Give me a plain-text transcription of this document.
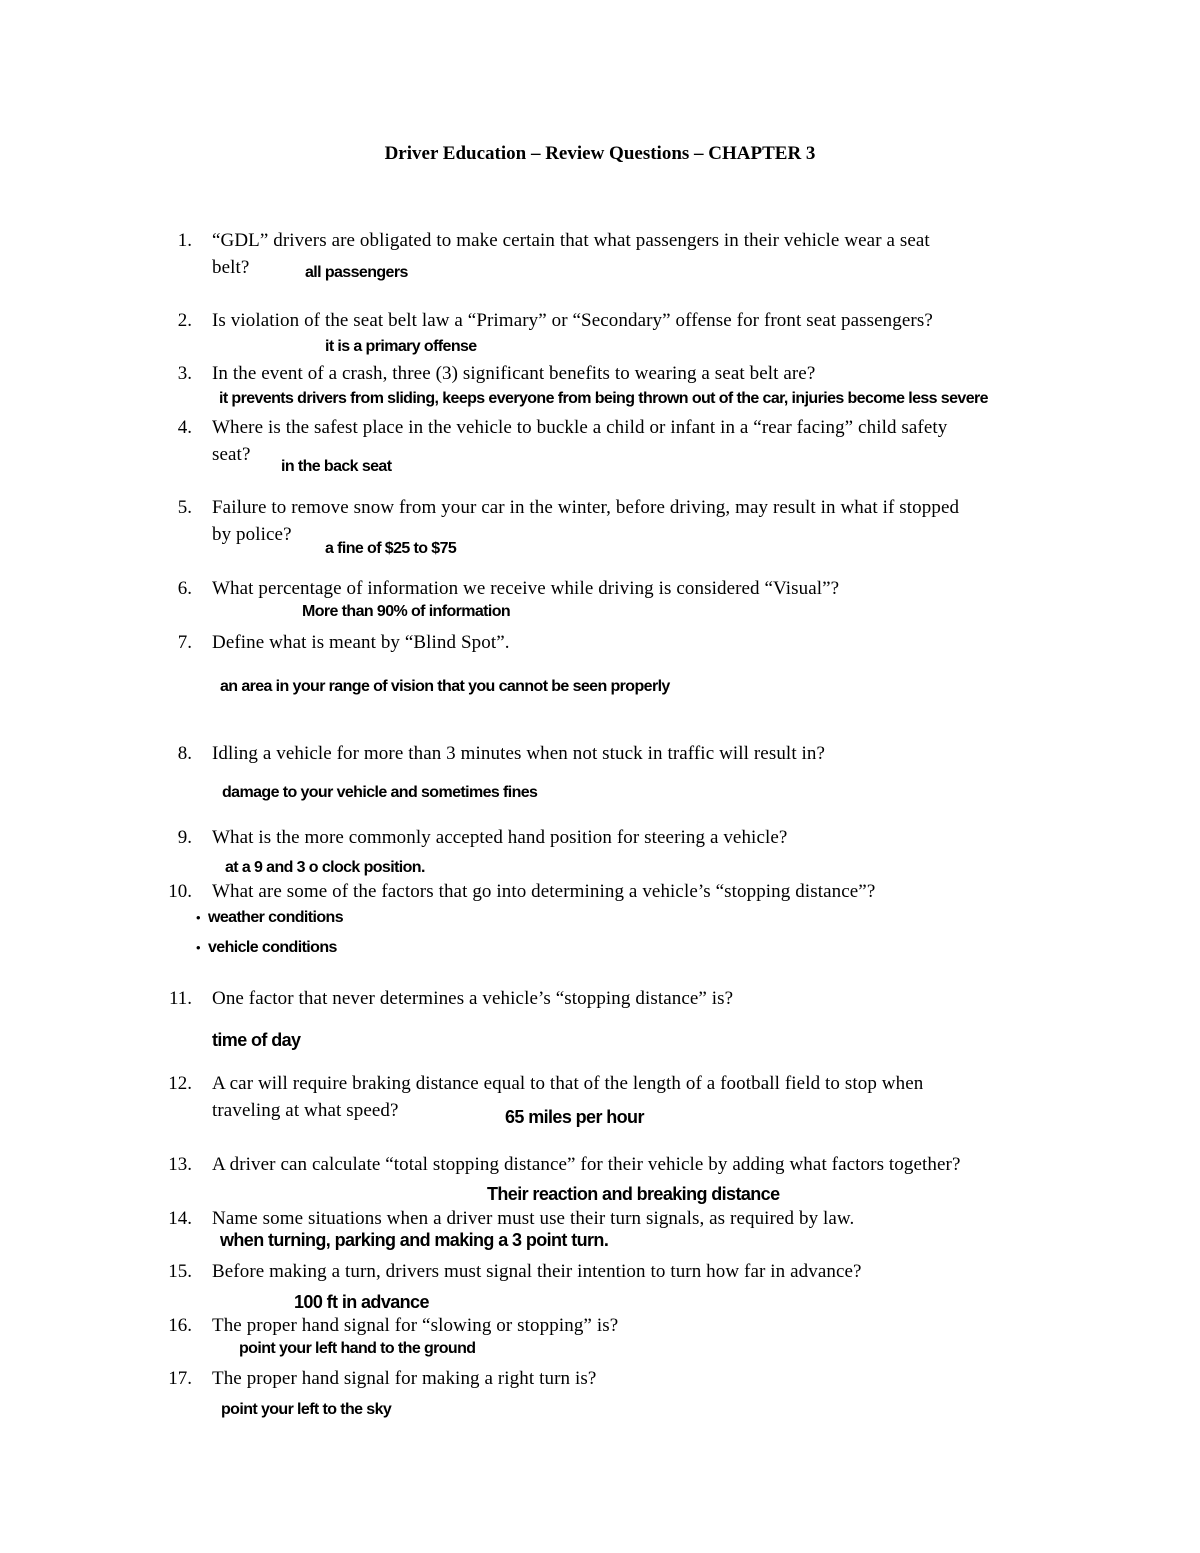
Driver Education – Review Questions – CHAPTER 3
1. “GDL” drivers are obligated to make certain that what passengers in their vehicle wear a seat
belt?	all passengers
2. Is violation of the seat belt law a “Primary” or “Secondary” offense for front seat passengers?
it is a primary offense
3. In the event of a crash, three (3) significant benefits to wearing a seat belt are?
it prevents drivers from sliding, keeps everyone from being thrown out of the car, injuries become less severe
4. Where is the safest place in the vehicle to buckle a child or infant in a “rear facing” child safety
seat?
in the back seat
5. Failure to remove snow from your car in the winter, before driving, may result in what if stopped
by police?
a fine of $25 to $75
6. What percentage of information we receive while driving is considered “Visual”?
More than 90% of information
7. Define what is meant by “Blind Spot”.
an area in your range of vision that you cannot be seen properly
8. Idling a vehicle for more than 3 minutes when not stuck in traffic will result in?
damage to your vehicle and sometimes fines
9. What is the more commonly accepted hand position for steering a vehicle?
at a 9 and 3 o clock position.
10. What are some of the factors that go into determining a vehicle’s “stopping distance”?
• weather conditions
• vehicle conditions
11. One factor that never determines a vehicle’s “stopping distance” is?
time of day
12. A car will require braking distance equal to that of the length of a football field to stop when
traveling at what speed?	65 miles per hour
13. A driver can calculate “total stopping distance” for their vehicle by adding what factors together?
Their reaction and breaking distance
14. Name some situations when a driver must use their turn signals, as required by law.
when turning, parking and making a 3 point turn.
15. Before making a turn, drivers must signal their intention to turn how far in advance?
100 ft in advance
16. The proper hand signal for “slowing or stopping” is?
point your left hand to the ground
17. The proper hand signal for making a right turn is?
point your left to the sky
